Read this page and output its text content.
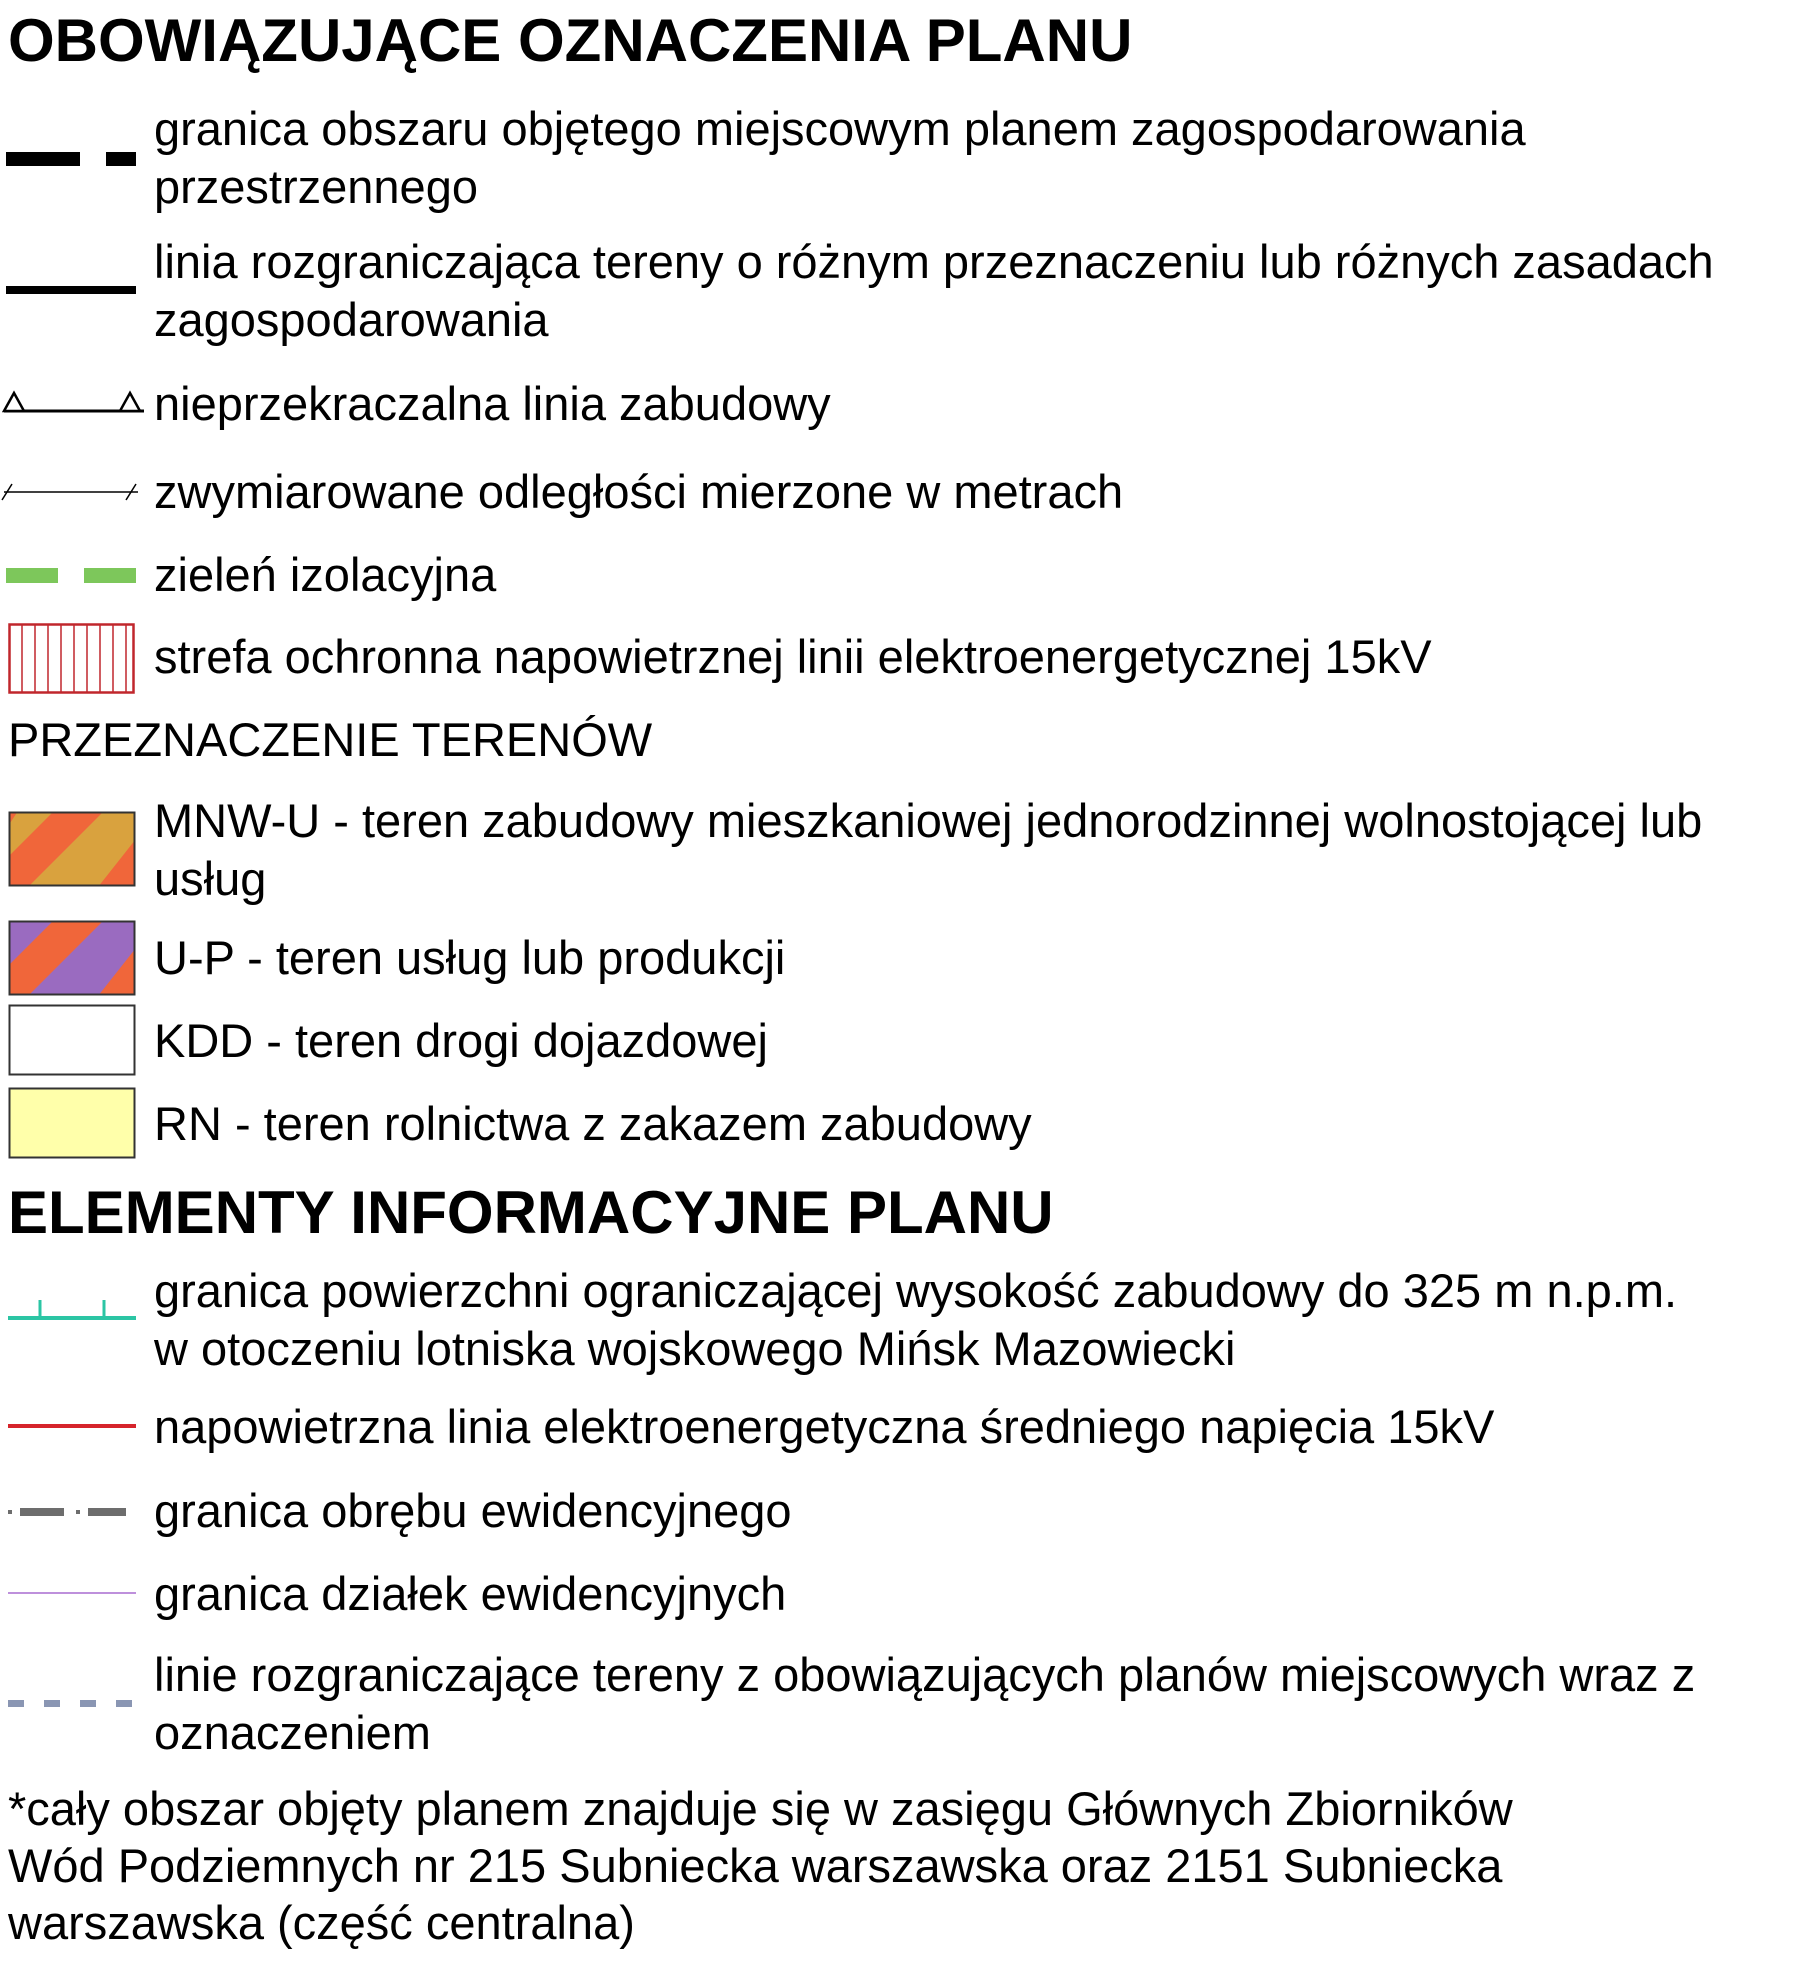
OBOWIĄZUJĄCE OZNACZENIA PLANU
PRZEZNACZENIE TERENÓW
ELEMENTY INFORMACYJNE PLANU
granica obszaru objętego miejscowym planem zagospodarowania
przestrzennego
linia rozgraniczająca tereny o różnym przeznaczeniu lub różnych zasadach
zagospodarowania
nieprzekraczalna linia zabudowy
zwymiarowane odległości mierzone w metrach
zieleń izolacyjna
strefa ochronna napowietrznej linii elektroenergetycznej 15kV
MNW-U - teren zabudowy mieszkaniowej jednorodzinnej wolnostojącej lub
usług
U-P - teren usług lub produkcji
KDD - teren drogi dojazdowej
RN - teren rolnictwa z zakazem zabudowy
granica powierzchni ograniczającej wysokość zabudowy do 325 m n.p.m.
w otoczeniu lotniska wojskowego Mińsk Mazowiecki
napowietrzna linia elektroenergetyczna średniego napięcia 15kV
granica obrębu ewidencyjnego
granica działek ewidencyjnych
linie rozgraniczające tereny z obowiązujących planów miejscowych wraz z
oznaczeniem
*cały obszar objęty planem znajduje się w zasięgu Głównych Zbiorników
Wód Podziemnych nr 215 Subniecka warszawska oraz 2151 Subniecka
warszawska (część centralna)
